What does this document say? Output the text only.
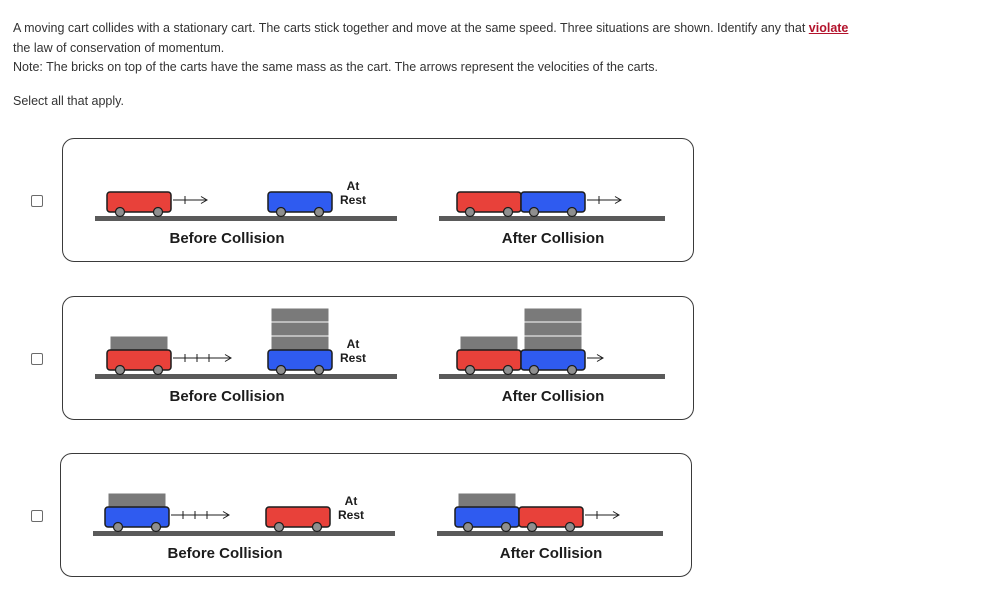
A moving cart collides with a stationary cart. The carts stick together and move at the same speed. Three situations are shown. Identify any that violate
the law of conservation of momentum.
Note: The bricks on top of the carts have the same mass as the cart. The arrows represent the velocities of the carts.
Select all that apply.
At
Rest
Before Collision	After Collision
At
Rest
Before Collision	After Collision
At
Rest
Before Collision	After Collision
